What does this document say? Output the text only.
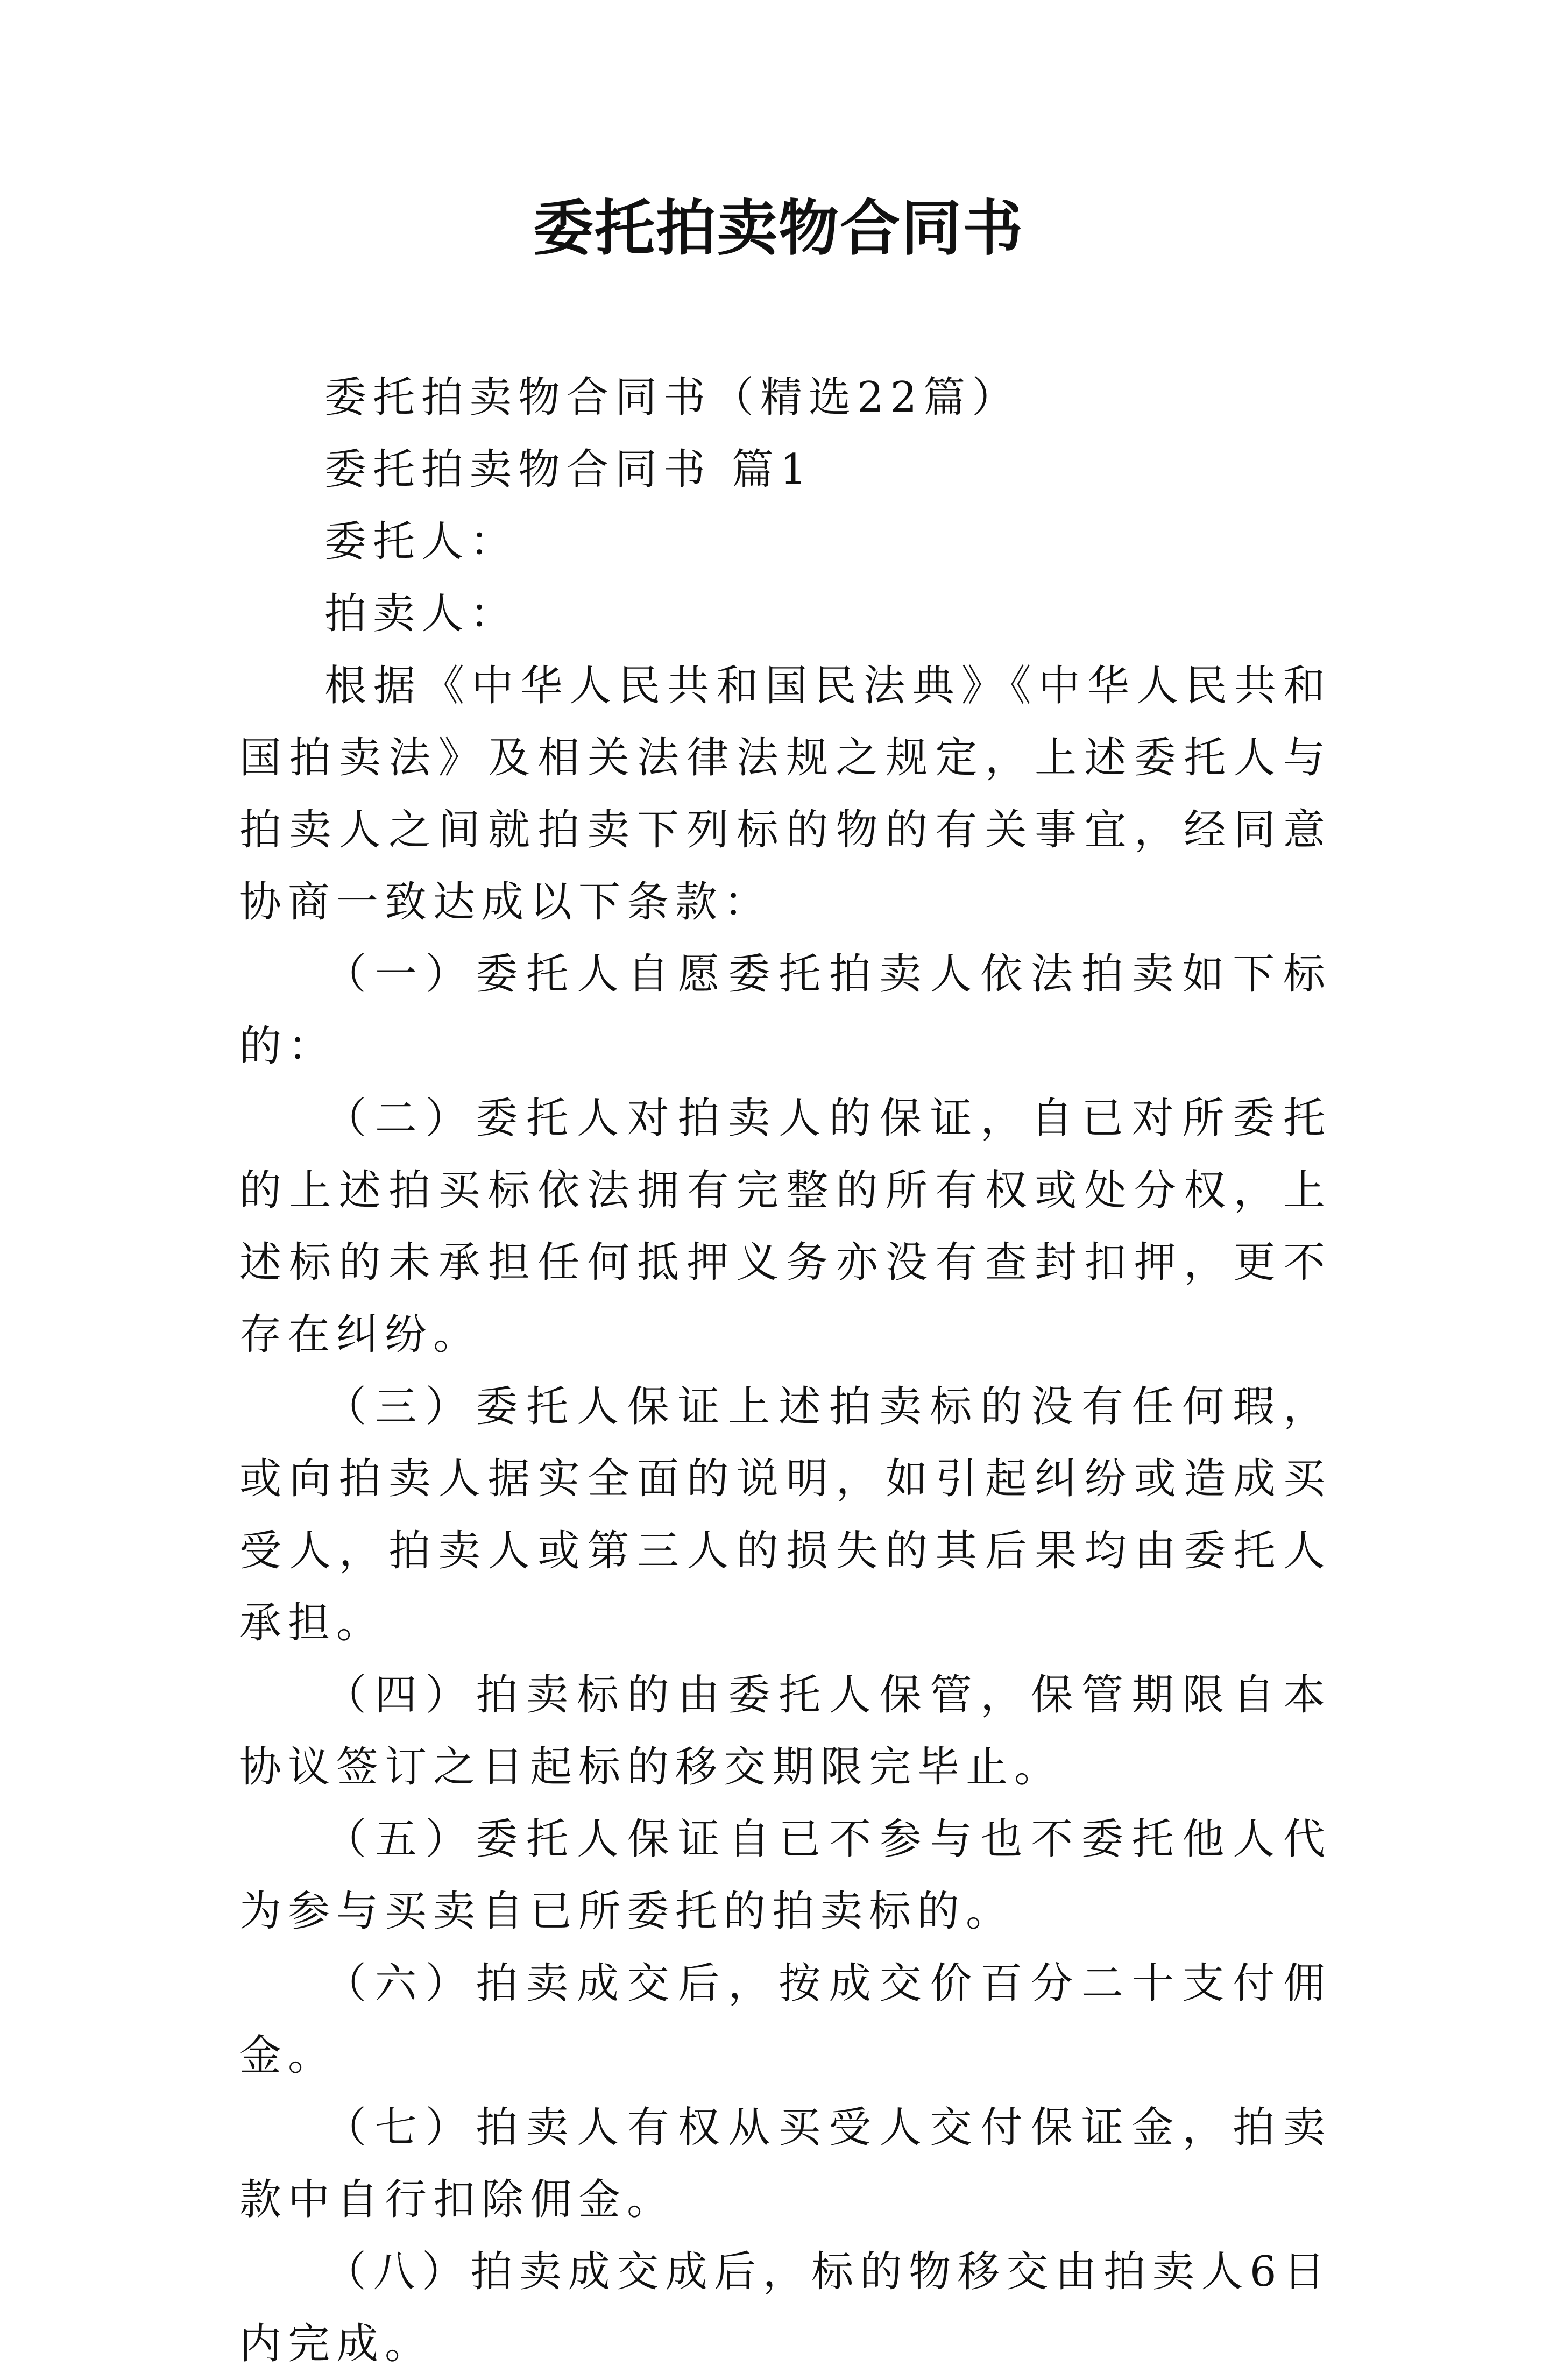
委托拍卖物合同书

委托拍卖物合同书（精选22篇）

委托拍卖物合同书 篇1

委托人：

拍卖人：

根据《中华人民共和国民法典》《中华人民共和国拍卖法》及相关法律法规之规定，上述委托人与拍卖人之间就拍卖下列标的物的有关事宜，经同意协商一致达成以下条款：

（一）委托人自愿委托拍卖人依法拍卖如下标的：

（二）委托人对拍卖人的保证，自已对所委托的上述拍买标依法拥有完整的所有权或处分权，上述标的未承担任何抵押义务亦没有查封扣押，更不存在纠纷。

（三）委托人保证上述拍卖标的没有任何瑕，或向拍卖人据实全面的说明，如引起纠纷或造成买受人，拍卖人或第三人的损失的其后果均由委托人承担。

（四）拍卖标的由委托人保管，保管期限自本协议签订之日起标的移交期限完毕止。

（五）委托人保证自已不参与也不委托他人代为参与买卖自已所委托的拍卖标的。

（六）拍卖成交后，按成交价百分二十支付佣金。

（七）拍卖人有权从买受人交付保证金，拍卖款中自行扣除佣金。

（八）拍卖成交成后，标的物移交由拍卖人6日内完成。
